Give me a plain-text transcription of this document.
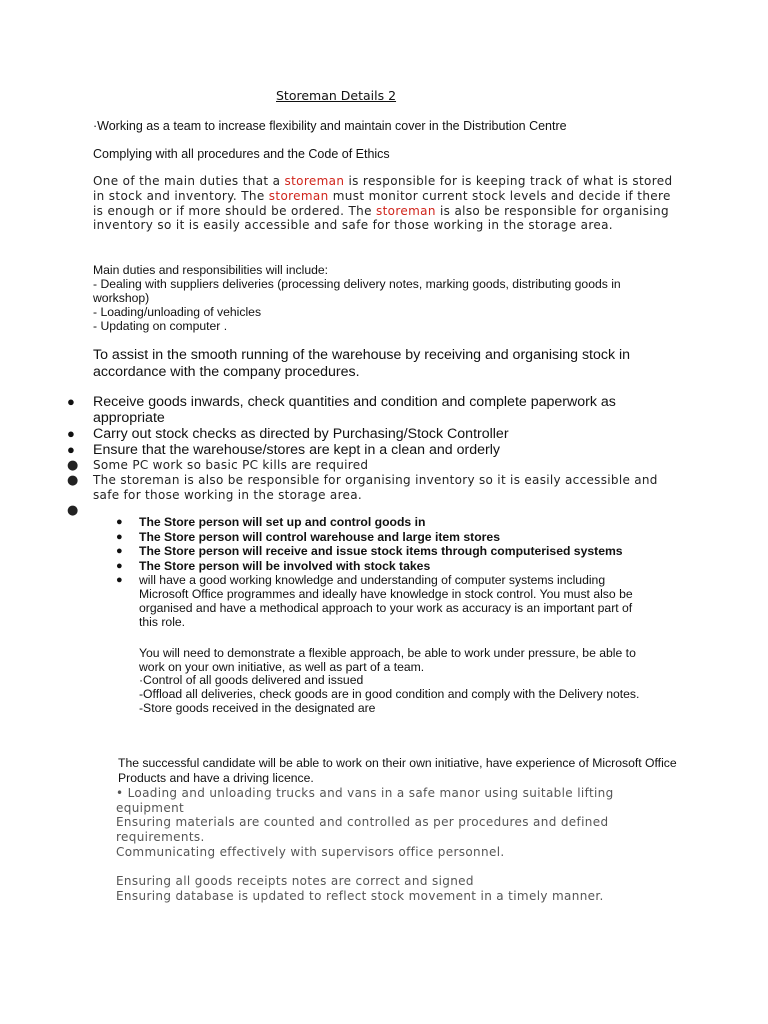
Storeman Details 2
·Working as a team to increase flexibility and maintain cover in the Distribution Centre
Complying with all procedures and the Code of Ethics
One of the main duties that a storeman is responsible for is keeping track of what is stored in stock and inventory. The storeman must monitor current stock levels and decide if there is enough or if more should be ordered. The storeman is also be responsible for organising inventory so it is easily accessible and safe for those working in the storage area.
Main duties and responsibilities will include:
- Dealing with suppliers deliveries (processing delivery notes, marking goods, distributing goods in workshop)
- Loading/unloading of vehicles
- Updating on computer .
To assist in the smooth running of the warehouse by receiving and organising stock in accordance with the company procedures.
● Receive goods inwards, check quantities and condition and complete paperwork as appropriate
● Carry out stock checks as directed by Purchasing/Stock Controller
● Ensure that the warehouse/stores are kept in a clean and orderly
● Some PC work so basic PC kills are required
● The storeman is also be responsible for organising inventory so it is easily accessible and safe for those working in the storage area.
●
● The Store person will set up and control goods in
● The Store person will control warehouse and large item stores
● The Store person will receive and issue stock items through computerised systems
● The Store person will be involved with stock takes
● will have a good working knowledge and understanding of computer systems including Microsoft Office programmes and ideally have knowledge in stock control. You must also be organised and have a methodical approach to your work as accuracy is an important part of this role.
You will need to demonstrate a flexible approach, be able to work under pressure, be able to work on your own initiative, as well as part of a team.
·Control of all goods delivered and issued
-Offload all deliveries, check goods are in good condition and comply with the Delivery notes.
-Store goods received in the designated are
The successful candidate will be able to work on their own initiative, have experience of Microsoft Office Products and have a driving licence.
• Loading and unloading trucks and vans in a safe manor using suitable lifting equipment
Ensuring materials are counted and controlled as per procedures and defined requirements.
Communicating effectively with supervisors office personnel.
Ensuring all goods receipts notes are correct and signed
Ensuring database is updated to reflect stock movement in a timely manner.
